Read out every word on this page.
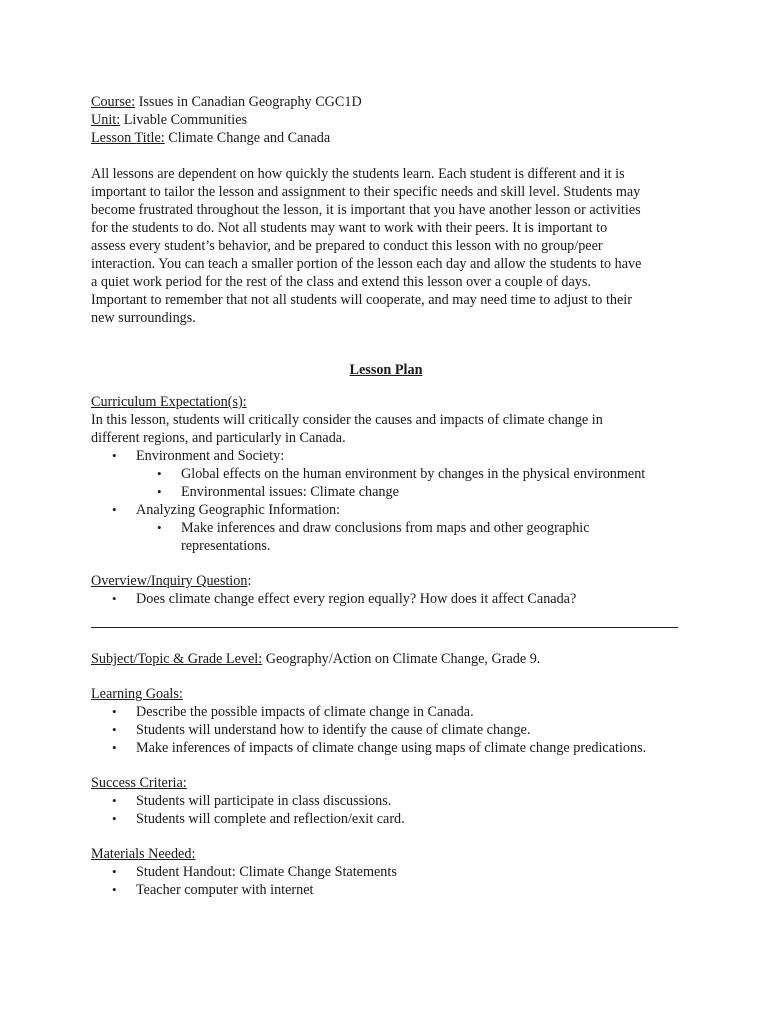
Course: Issues in Canadian Geography CGC1D
Unit: Livable Communities
Lesson Title: Climate Change and Canada
All lessons are dependent on how quickly the students learn. Each student is different and it is
important to tailor the lesson and assignment to their specific needs and skill level. Students may
become frustrated throughout the lesson, it is important that you have another lesson or activities
for the students to do. Not all students may want to work with their peers. It is important to
assess every student’s behavior, and be prepared to conduct this lesson with no group/peer
interaction. You can teach a smaller portion of the lesson each day and allow the students to have
a quiet work period for the rest of the class and extend this lesson over a couple of days.
Important to remember that not all students will cooperate, and may need time to adjust to their
new surroundings.
Lesson Plan
Curriculum Expectation(s):
In this lesson, students will critically consider the causes and impacts of climate change in
different regions, and particularly in Canada.
• Environment and Society:
• Global effects on the human environment by changes in the physical environment
• Environmental issues: Climate change
• Analyzing Geographic Information:
• Make inferences and draw conclusions from maps and other geographic
representations.
Overview/Inquiry Question:
• Does climate change effect every region equally? How does it affect Canada?
Subject/Topic & Grade Level: Geography/Action on Climate Change, Grade 9.
Learning Goals:
• Describe the possible impacts of climate change in Canada.
• Students will understand how to identify the cause of climate change.
• Make inferences of impacts of climate change using maps of climate change predications.
Success Criteria:
• Students will participate in class discussions.
• Students will complete and reflection/exit card.
Materials Needed:
• Student Handout: Climate Change Statements
• Teacher computer with internet
